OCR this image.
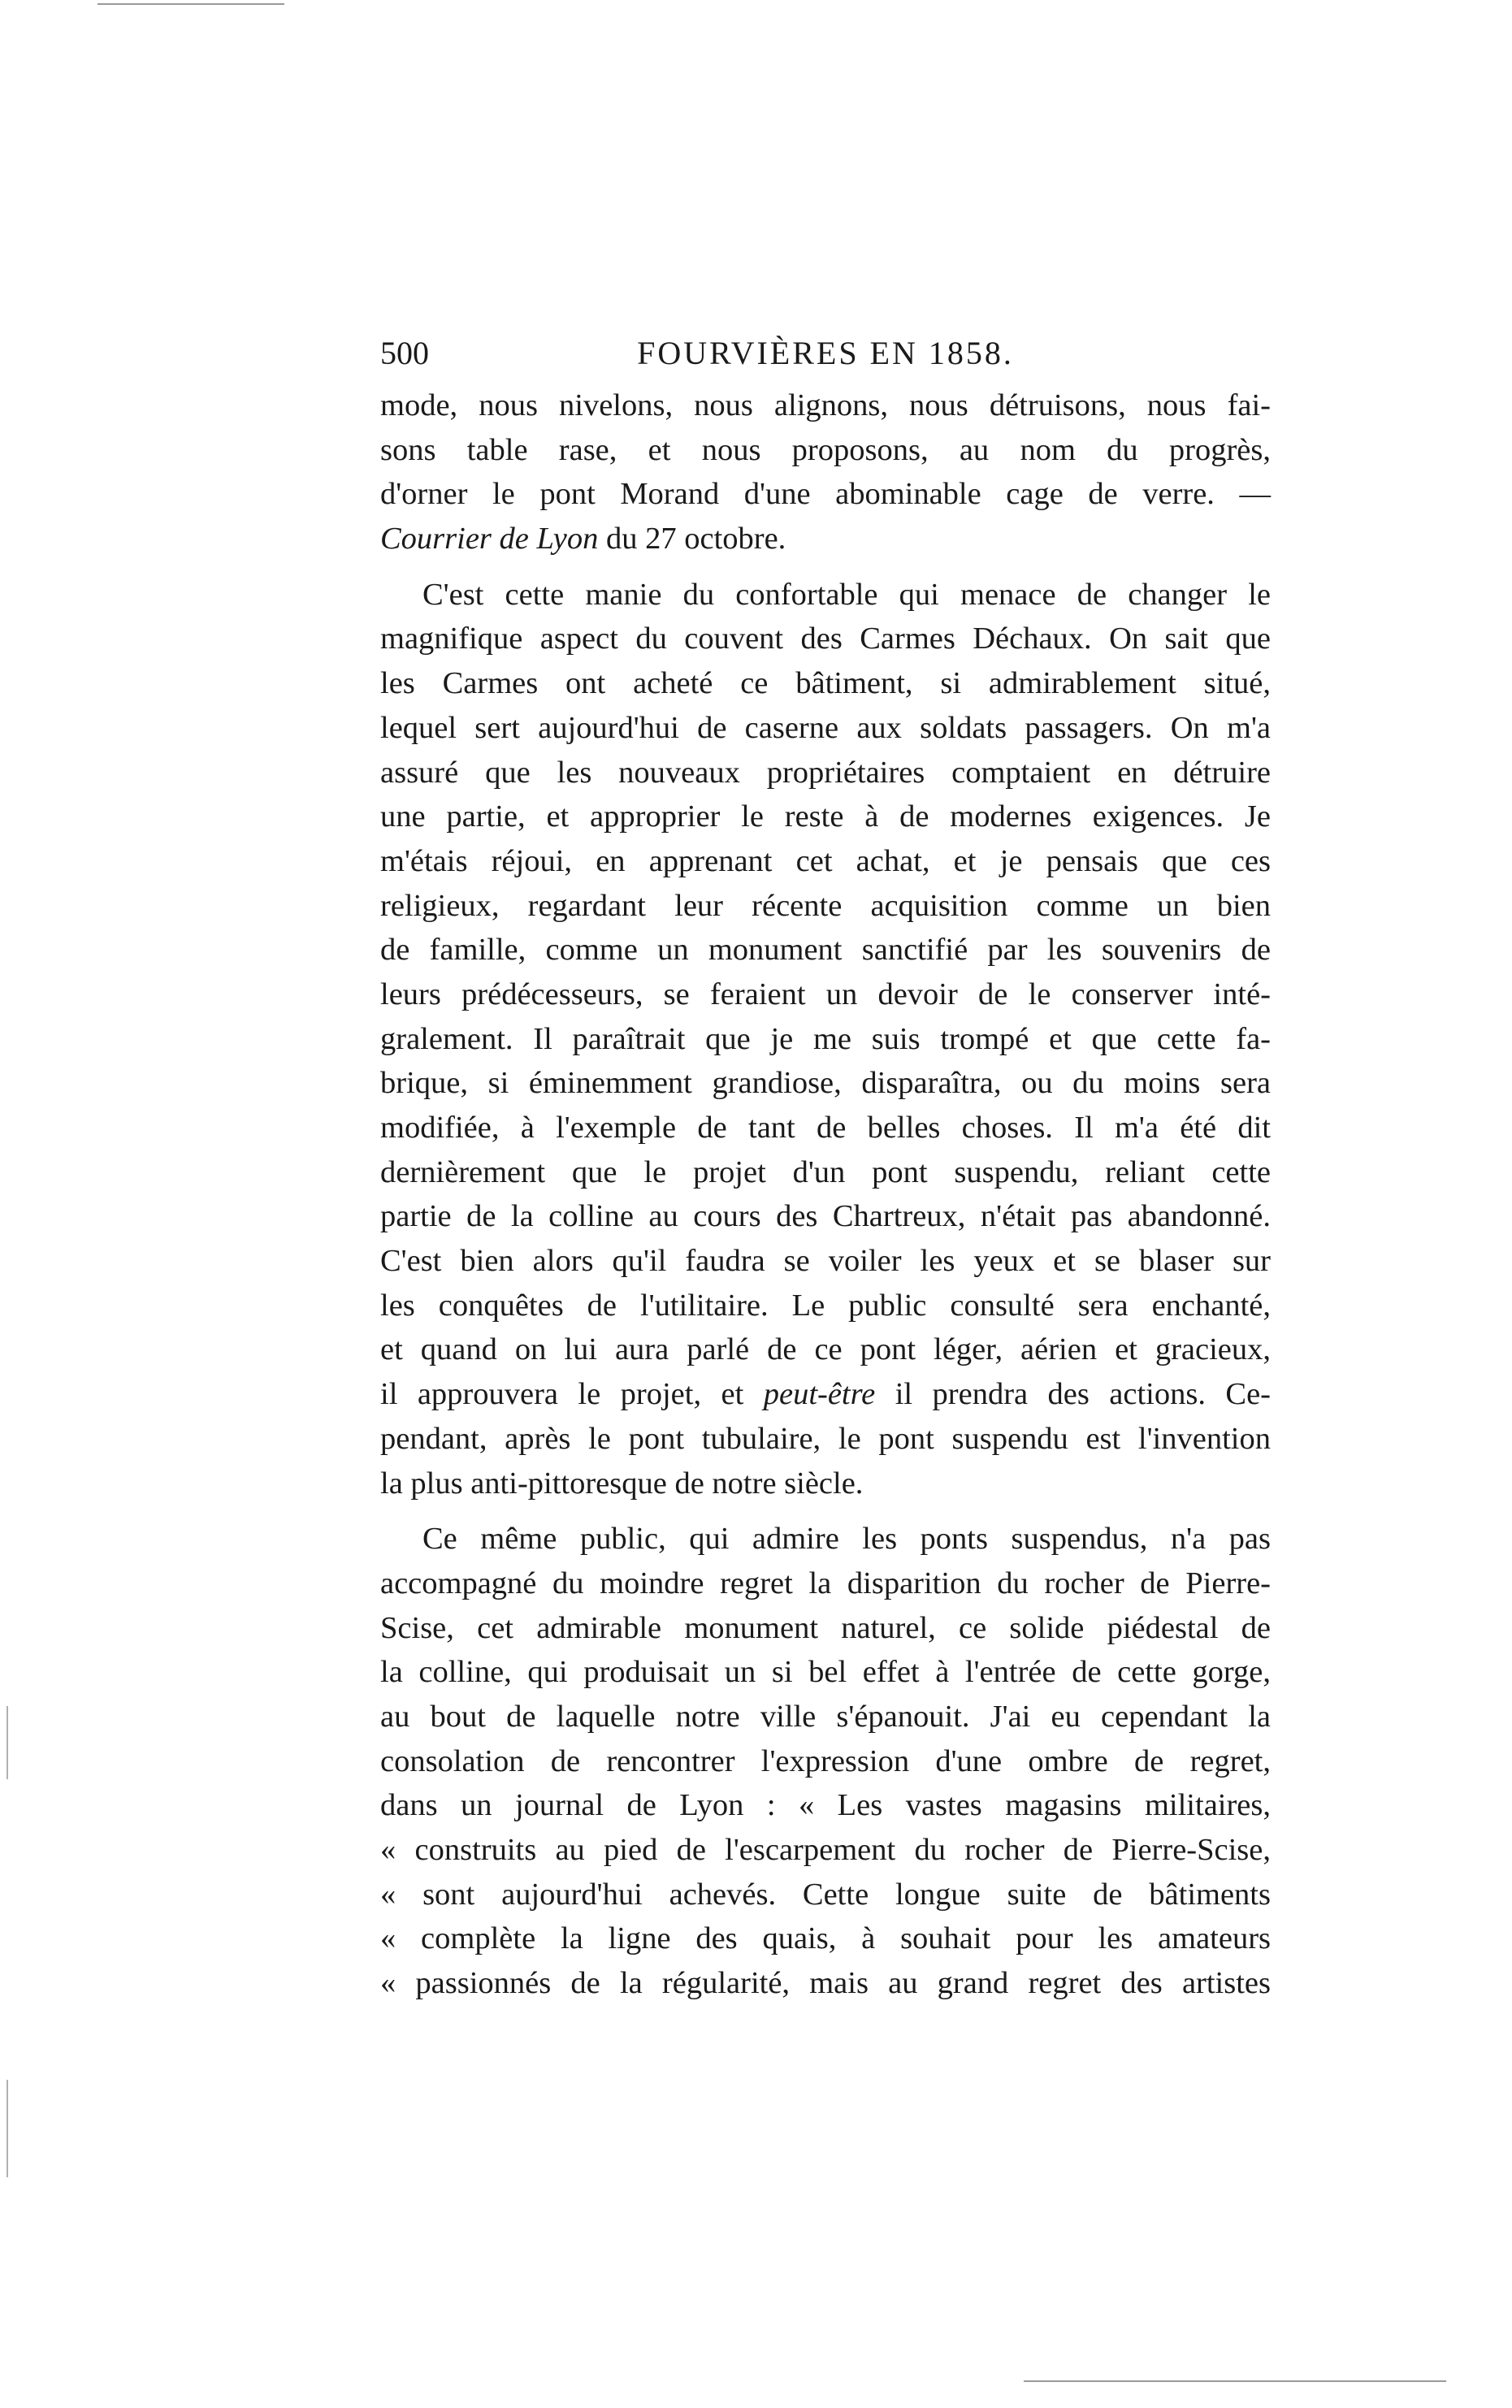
500	FOURVIÈRES EN 1858.
mode, nous nivelons, nous alignons, nous détruisons, nous fai-
sons table rase, et nous proposons, au nom du progrès,
d'orner le pont Morand d'une abominable cage de verre. —
Courrier de Lyon du 27 octobre.
C'est cette manie du confortable qui menace de changer le
magnifique aspect du couvent des Carmes Déchaux. On sait que
les Carmes ont acheté ce bâtiment, si admirablement situé,
lequel sert aujourd'hui de caserne aux soldats passagers. On m'a
assuré que les nouveaux propriétaires comptaient en détruire
une partie, et approprier le reste à de modernes exigences. Je
m'étais réjoui, en apprenant cet achat, et je pensais que ces
religieux, regardant leur récente acquisition comme un bien
de famille, comme un monument sanctifié par les souvenirs de
leurs prédécesseurs, se feraient un devoir de le conserver inté-
gralement. Il paraîtrait que je me suis trompé et que cette fa-
brique, si éminemment grandiose, disparaîtra, ou du moins sera
modifiée, à l'exemple de tant de belles choses. Il m'a été dit
dernièrement que le projet d'un pont suspendu, reliant cette
partie de la colline au cours des Chartreux, n'était pas abandonné.
C'est bien alors qu'il faudra se voiler les yeux et se blaser sur
les conquêtes de l'utilitaire. Le public consulté sera enchanté,
et quand on lui aura parlé de ce pont léger, aérien et gracieux,
il approuvera le projet, et peut-être il prendra des actions. Ce-
pendant, après le pont tubulaire, le pont suspendu est l'invention
la plus anti-pittoresque de notre siècle.
Ce même public, qui admire les ponts suspendus, n'a pas
accompagné du moindre regret la disparition du rocher de Pierre-
Scise, cet admirable monument naturel, ce solide piédestal de
la colline, qui produisait un si bel effet à l'entrée de cette gorge,
au bout de laquelle notre ville s'épanouit. J'ai eu cependant la
consolation de rencontrer l'expression d'une ombre de regret,
dans un journal de Lyon : « Les vastes magasins militaires,
« construits au pied de l'escarpement du rocher de Pierre-Scise,
« sont aujourd'hui achevés. Cette longue suite de bâtiments
« complète la ligne des quais, à souhait pour les amateurs
« passionnés de la régularité, mais au grand regret des artistes
